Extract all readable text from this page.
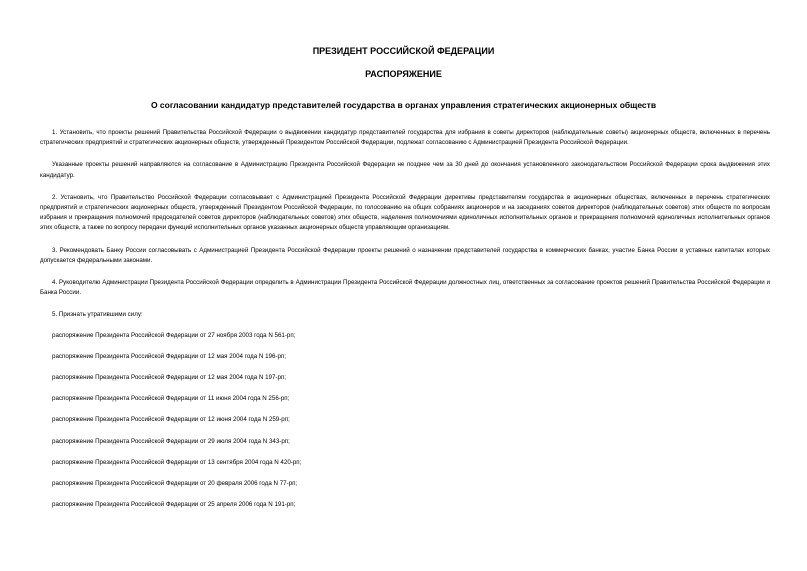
ПРЕЗИДЕНТ РОССИЙСКОЙ ФЕДЕРАЦИИ
РАСПОРЯЖЕНИЕ
О согласовании кандидатур представителей государства в органах управления стратегических акционерных обществ

1. Установить, что проекты решений Правительства Российской Федерации о выдвижении кандидатур представителей государства для избрания в советы директоров (наблюдательные советы) акционерных обществ, включенных в перечень стратегических предприятий и стратегических акционерных обществ, утвержденный Президентом Российской Федерации, подлежат согласованию с Администрацией Президента Российской Федерации.

Указанные проекты решений направляются на согласование в Администрацию Президента Российской Федерации не позднее чем за 30 дней до окончания установленного законодательством Российской Федерации срока выдвижения этих кандидатур.

2. Установить, что Правительство Российской Федерации согласовывает с Администрацией Президента Российской Федерации директивы представителям государства в акционерных обществах, включенных в перечень стратегических предприятий и стратегических акционерных обществ, утвержденный Президентом Российской Федерации, по голосованию на общих собраниях акционеров и на заседаниях советов директоров (наблюдательных советов) этих обществ по вопросам избрания и прекращения полномочий председателей советов директоров (наблюдательных советов) этих обществ, наделения полномочиями единоличных исполнительных органов и прекращения полномочий единоличных исполнительных органов этих обществ, а также по вопросу передачи функций исполнительных органов указанных акционерных обществ управляющим организациям.

3. Рекомендовать Банку России согласовывать с Администрацией Президента Российской Федерации проекты решений о назначении представителей государства в коммерческих банках, участие Банка России в уставных капиталах которых допускается федеральными законами.

4. Руководителю Администрации Президента Российской Федерации определить в Администрации Президента Российской Федерации должностных лиц, ответственных за согласование проектов решений Правительства Российской Федерации и Банка России.

5. Признать утратившими силу:

распоряжение Президента Российской Федерации от 27 ноября 2003 года N 561-рп;

распоряжение Президента Российской Федерации от 12 мая 2004 года N 196-рп;

распоряжение Президента Российской Федерации от 12 мая 2004 года N 197-рп;

распоряжение Президента Российской Федерации от 11 июня 2004 года N 256-рп;

распоряжение Президента Российской Федерации от 12 июня 2004 года N 259-рп;

распоряжение Президента Российской Федерации от 29 июля 2004 года N 343-рп;

распоряжение Президента Российской Федерации от 13 сентября 2004 года N 420-рп;

распоряжение Президента Российской Федерации от 20 февраля 2006 года N 77-рп;

распоряжение Президента Российской Федерации от 25 апреля 2006 года N 191-рп;
